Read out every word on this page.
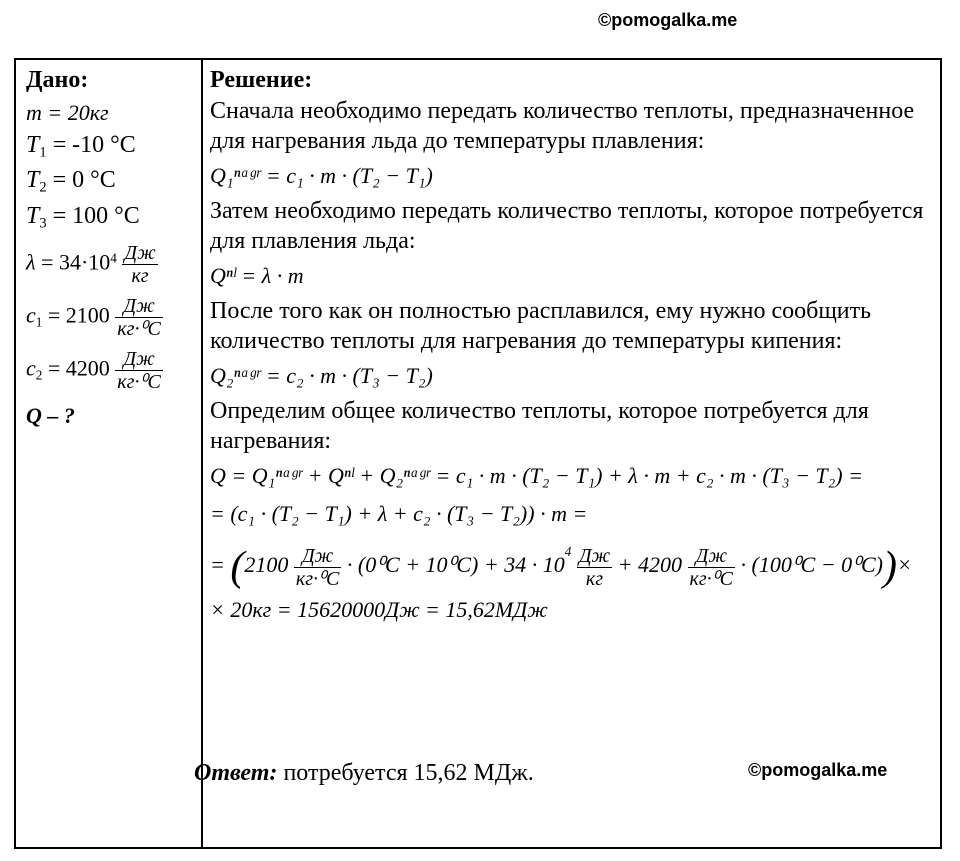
©pomogalka.me
Дано:
m = 20кг
$T_1 = -10$ °C
$T_2 = 0$ °C
$T_3 = 100$ °C
$\lambda = 34\cdot 10^4 \frac{Дж}{кг}$
$c_1 = 2100 \frac{Дж}{\text{кг·⁰C}}$
$c_2 = 4200 \frac{Дж}{\text{кг·⁰C}}$
Q – ?
Решение:
Сначала необходимо передать количество теплоты, предназначенное для нагревания льда до температуры плавления:
Q₁ⁿᵃᵍʳ = c₁ · m · (T₂ − T₁)
Затем необходимо передать количество теплоты, которое потребуется для плавления льда:
Qⁿˡ = λ · m
После того как он полностью расплавился, ему нужно сообщить количество теплоты для нагревания до температуры кипения:
Q₂ⁿᵃᵍʳ = c₂ · m · (T₃ − T₂)
Определим общее количество теплоты, которое потребуется для нагревания:
Q = Q₁ⁿᵃᵍʳ + Qⁿˡ + Q₂ⁿᵃᵍʳ = c₁ · m · (T₂ − T₁) + λ · m + c₂ · m · (T₃ − T₂) =
= (c₁ · (T₂ − T₁) + λ + c₂ · (T₃ − T₂)) · m =
= $(2100 \frac{Дж}{\text{кг·⁰C}} \cdot (0^0C + 10^0C) + 34 \cdot 10^4 \frac{Дж}{кг} + 4200 \frac{Дж}{\text{кг·⁰C}} \cdot (100^0C - 0^0C))\times$
× 20кг = 15620000Дж = 15,62МДж
©pomogalka.me
Ответ: потребуется 15,62 МДж.
